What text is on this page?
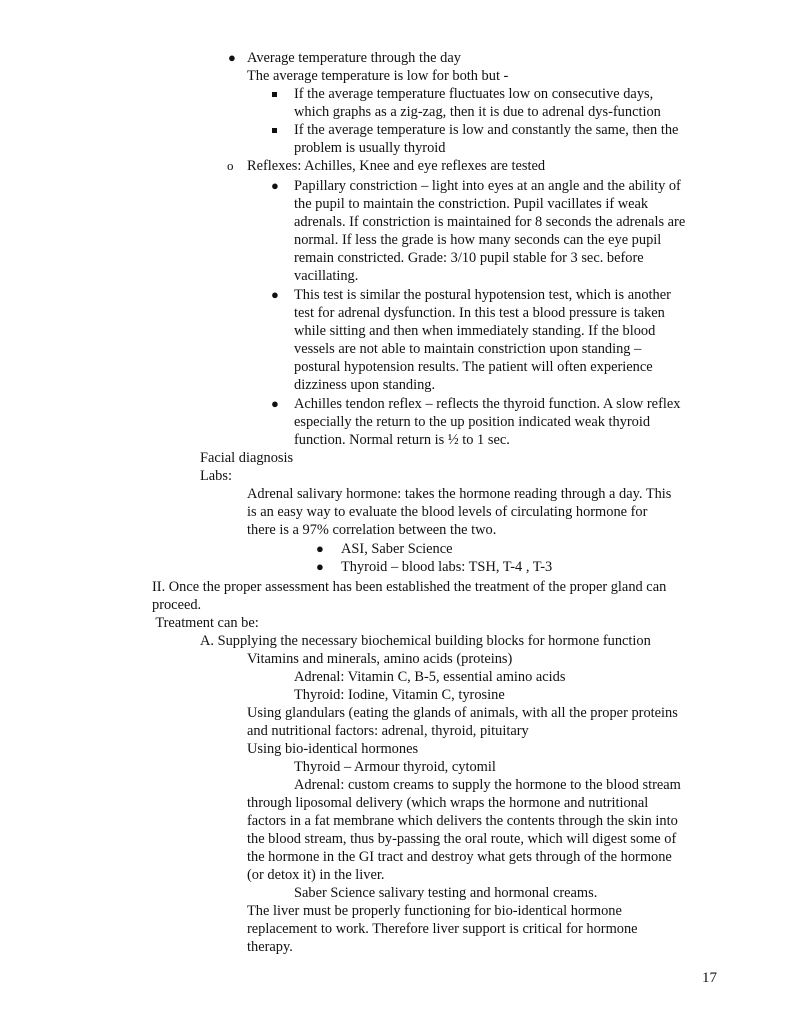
● Average temperature through the day
The average temperature is low for both but -
If the average temperature fluctuates low on consecutive days,
which graphs as a zig-zag, then it is due to adrenal dys-function
If the average temperature is low and constantly the same, then the
problem is usually thyroid
o Reflexes: Achilles, Knee and eye reflexes are tested
● Papillary constriction – light into eyes at an angle and the ability of
the pupil to maintain the constriction. Pupil vacillates if weak
adrenals. If constriction is maintained for 8 seconds the adrenals are
normal. If less the grade is how many seconds can the eye pupil
remain constricted. Grade: 3/10 pupil stable for 3 sec. before
vacillating.
● This test is similar the postural hypotension test, which is another
test for adrenal dysfunction. In this test a blood pressure is taken
while sitting and then when immediately standing. If the blood
vessels are not able to maintain constriction upon standing –
postural hypotension results. The patient will often experience
dizziness upon standing.
● Achilles tendon reflex – reflects the thyroid function. A slow reflex
especially the return to the up position indicated weak thyroid
function. Normal return is ½ to 1 sec.
Facial diagnosis
Labs:
Adrenal salivary hormone: takes the hormone reading through a day. This
is an easy way to evaluate the blood levels of circulating hormone for
there is a 97% correlation between the two.
● ASI, Saber Science
● Thyroid – blood labs: TSH, T-4 , T-3
II. Once the proper assessment has been established the treatment of the proper gland can
proceed.
Treatment can be:
A. Supplying the necessary biochemical building blocks for hormone function
Vitamins and minerals, amino acids (proteins)
Adrenal: Vitamin C, B-5, essential amino acids
Thyroid: Iodine, Vitamin C, tyrosine
Using glandulars (eating the glands of animals, with all the proper proteins
and nutritional factors: adrenal, thyroid, pituitary
Using bio-identical hormones
Thyroid – Armour thyroid, cytomil
Adrenal: custom creams to supply the hormone to the blood stream
through liposomal delivery (which wraps the hormone and nutritional
factors in a fat membrane which delivers the contents through the skin into
the blood stream, thus by-passing the oral route, which will digest some of
the hormone in the GI tract and destroy what gets through of the hormone
(or detox it) in the liver.
Saber Science salivary testing and hormonal creams.
The liver must be properly functioning for bio-identical hormone
replacement to work. Therefore liver support is critical for hormone
therapy.
17
